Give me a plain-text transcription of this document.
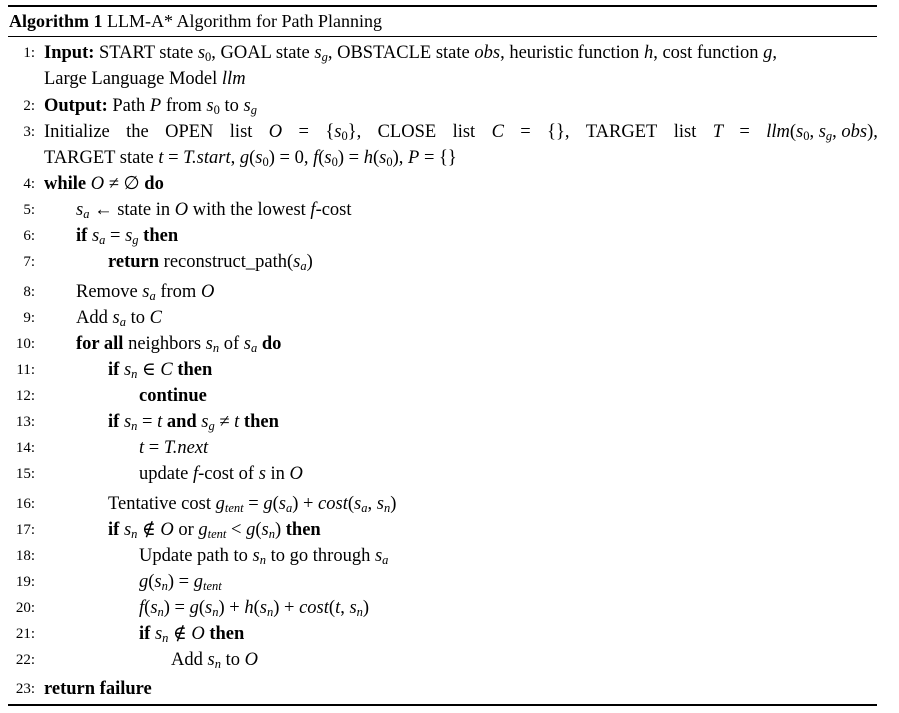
Algorithm 1 LLM-A* Algorithm for Path Planning
1: Input: START state $s_0$, GOAL state $s_g$, OBSTACLE state obs, heuristic function h, cost function g,
Large Language Model llm
2: Output: Path P from $s_0$ to $s_g$
3: Initialize the OPEN list $O = \{s_0\}$, CLOSE list C = {}, TARGET list $T = llm(s_0$, $s_g$, obs),
TARGET state t = T.start, $g(s_0) = 0$, $f(s_0) = h(s_0)$, P = {}
4: while O ≠ ∅ do
5: $s_a$ ← state in O with the lowest f-cost
6: if $s_a = s_g$ then
7:	return $reconstruct\_path(s_a)$
8: Remove $s_a$ from O
9: Add $s_a$ to C
10: for all neighbors $s_n$ of $s_a$ do
11:	if $s_n$ ∈ C then
12:	continue
13:	if $s_n = t$ and $s_g \ne t$ then
14:	t = T.next
15:	update f-cost of s in O
16:	Tentative cost $g_{tent} = g(s_a) + \cos t(s_a$, $s_n$)
17:	if $s_n$ ∉ O or $g_{tent} < g(s_n)$ then
18:	Update path to $s_n$ to go through $s_a$
19:	$g(s_n) = g_{tent}$
20:	$f(s_n) = g(s_n) + h(s_n) + \cos t(t$, $s_n$)
21:	if $s_n$ ∉ O then
22:	Add $s_n$ to O
23: return failure
